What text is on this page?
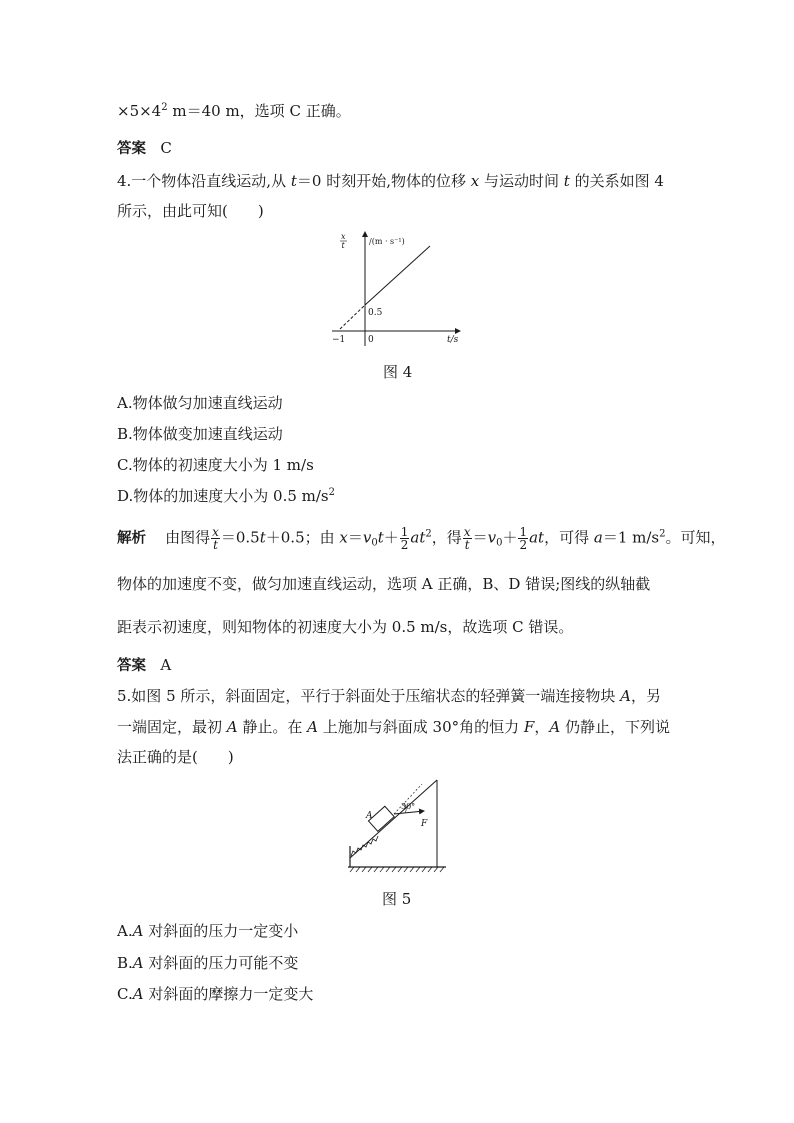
$\times 5\times 4^2$ m＝40 m，选项 C 正确。
答案 C
4.一个物体沿直线运动,从 t＝0 时刻开始,物体的位移 x 与运动时间 t 的关系如图 4
所示，由此可知(　　)
x
t	/(m · s⁻¹)
0.5
0
−1	t/s
图 4
A.物体做匀加速直线运动
B.物体做变加速直线运动
C.物体的初速度大小为 1 m/s
D.物体的加速度大小为 0.5 $m/s^2$
解析 由图得 $\frac{x}{t} =0.5t+0.5$；由 $x=v_0t+ \frac{1}{2} at^2$，得 $\frac{x}{t} =v_0+ \frac{1}{2}$ at，可得 a＝1 $m/s^2$。可知，
物体的加速度不变，做匀加速直线运动，选项 A 正确，B、D 错误;图线的纵轴截
距表示初速度，则知物体的初速度大小为 0.5 m/s，故选项 C 错误。
答案 A
5.如图 5 所示，斜面固定，平行于斜面处于压缩状态的轻弹簧一端连接物块 A，另
一端固定，最初 A 静止。在 A 上施加与斜面成 30°角的恒力 F，A 仍静止，下列说
法正确的是(　　)
A
30°
F
图 5
A.A 对斜面的压力一定变小
B.A 对斜面的压力可能不变
C.A 对斜面的摩擦力一定变大
